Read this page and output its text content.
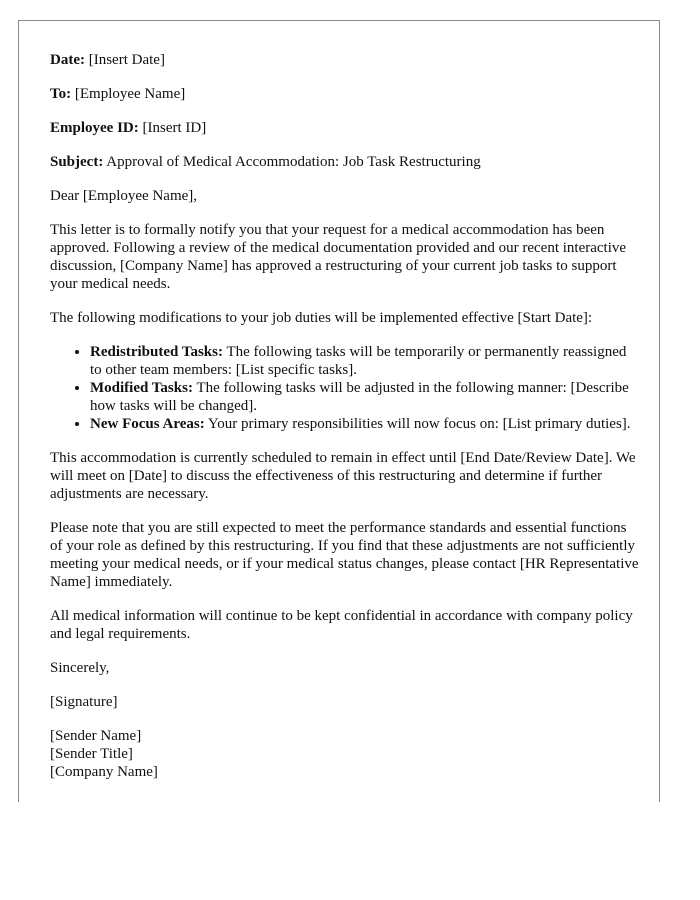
Date: [Insert Date]

To: [Employee Name]

Employee ID: [Insert ID]

Subject: Approval of Medical Accommodation: Job Task Restructuring

Dear [Employee Name],

This letter is to formally notify you that your request for a medical accommodation has been approved. Following a review of the medical documentation provided and our recent interactive discussion, [Company Name] has approved a restructuring of your current job tasks to support your medical needs.

The following modifications to your job duties will be implemented effective [Start Date]:

• Redistributed Tasks: The following tasks will be temporarily or permanently reassigned to other team members: [List specific tasks].
• Modified Tasks: The following tasks will be adjusted in the following manner: [Describe how tasks will be changed].
• New Focus Areas: Your primary responsibilities will now focus on: [List primary duties].

This accommodation is currently scheduled to remain in effect until [End Date/Review Date]. We will meet on [Date] to discuss the effectiveness of this restructuring and determine if further adjustments are necessary.

Please note that you are still expected to meet the performance standards and essential functions of your role as defined by this restructuring. If you find that these adjustments are not sufficiently meeting your medical needs, or if your medical status changes, please contact [HR Representative Name] immediately.

All medical information will continue to be kept confidential in accordance with company policy and legal requirements.

Sincerely,

[Signature]

[Sender Name]

[Sender Title]

[Company Name]
